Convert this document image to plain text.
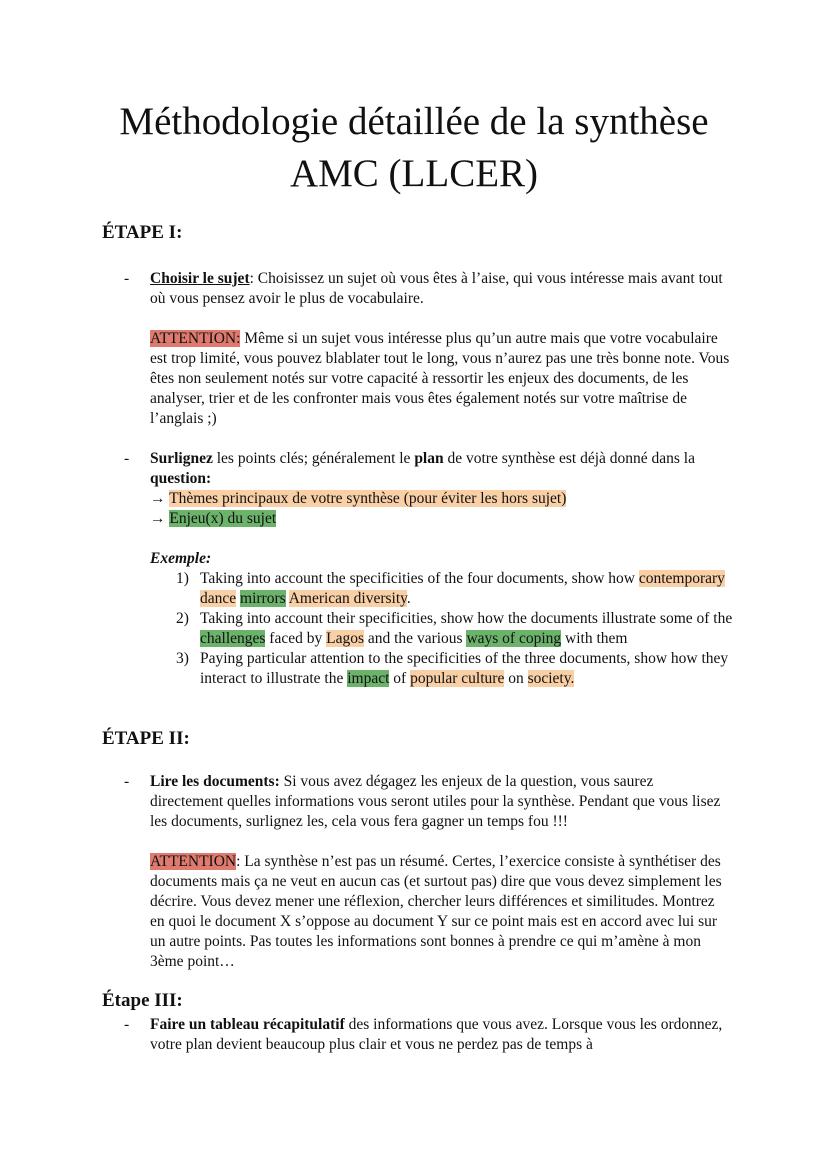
Méthodologie détaillée de la synthèse
AMC (LLCER)
ÉTAPE I:
- Choisir le sujet: Choisissez un sujet où vous êtes à l’aise, qui vous intéresse mais avant tout où vous pensez avoir le plus de vocabulaire.

ATTENTION: Même si un sujet vous intéresse plus qu’un autre mais que votre vocabulaire est trop limité, vous pouvez blablater tout le long, vous n’aurez pas une très bonne note. Vous êtes non seulement notés sur votre capacité à ressortir les enjeux des documents, de les analyser, trier et de les confronter mais vous êtes également notés sur votre maîtrise de l’anglais ;)

- Surlignez les points clés; généralement le plan de votre synthèse est déjà donné dans la question:

→ Thèmes principaux de votre synthèse (pour éviter les hors sujet)

→ Enjeu(x) du sujet

Exemple:

1) Taking into account the specificities of the four documents, show how contemporary dance mirrors American diversity.
2) Taking into account their specificities, show how the documents illustrate some of the challenges faced by Lagos and the various ways of coping with them
3) Paying particular attention to the specificities of the three documents, show how they interact to illustrate the impact of popular culture on society.
ÉTAPE II:
- Lire les documents: Si vous avez dégagez les enjeux de la question, vous saurez directement quelles informations vous seront utiles pour la synthèse. Pendant que vous lisez les documents, surlignez les, cela vous fera gagner un temps fou !!!

ATTENTION: La synthèse n’est pas un résumé. Certes, l’exercice consiste à synthétiser des documents mais ça ne veut en aucun cas (et surtout pas) dire que vous devez simplement les décrire. Vous devez mener une réflexion, chercher leurs différences et similitudes. Montrez en quoi le document X s’oppose au document Y sur ce point mais est en accord avec lui sur un autre points. Pas toutes les informations sont bonnes à prendre ce qui m’amène à mon 3ème point…

Étape III:
- Faire un tableau récapitulatif des informations que vous avez. Lorsque vous les ordonnez, votre plan devient beaucoup plus clair et vous ne perdez pas de temps à
